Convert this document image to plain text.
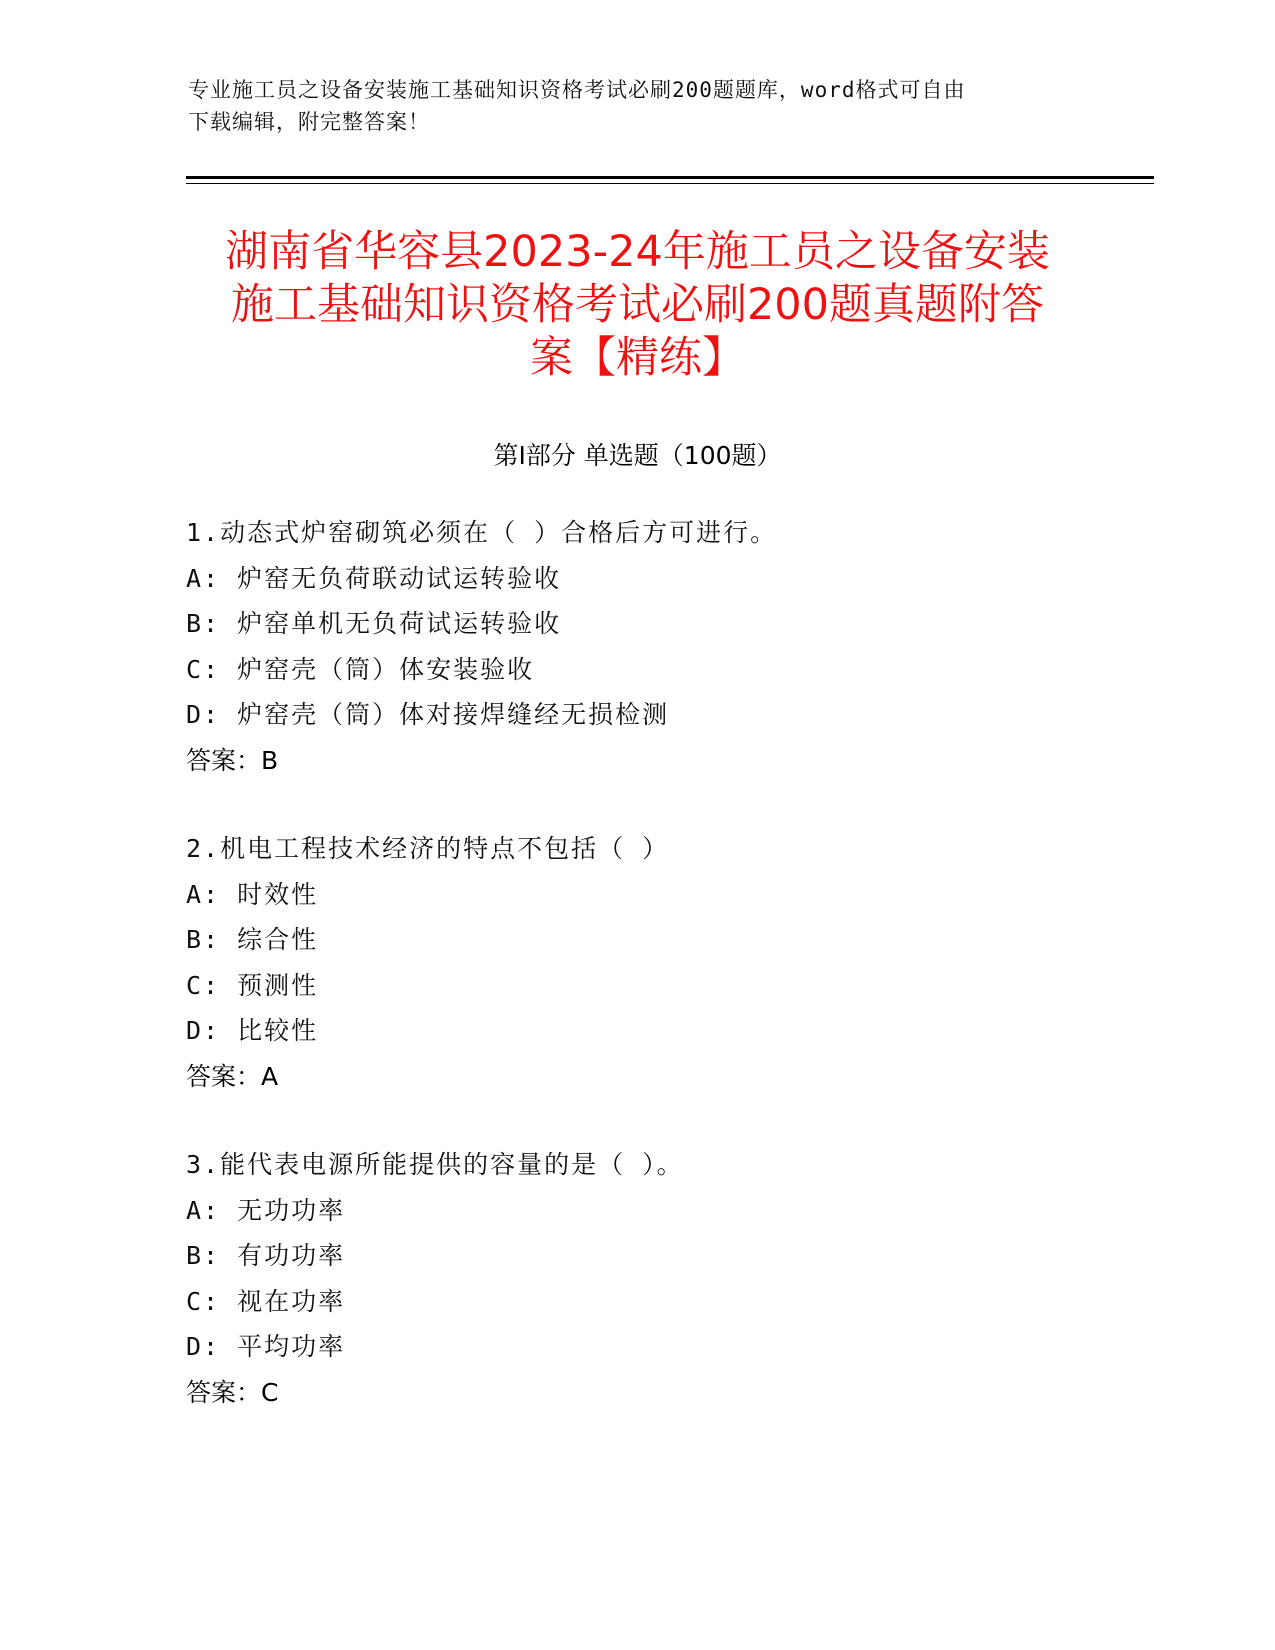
专业施工员之设备安装施工基础知识资格考试必刷200题题库，word格式可自由
下载编辑，附完整答案！
湖南省华容县2023-24年施工员之设备安装
施工基础知识资格考试必刷200题真题附答
案【精练】
第Ⅰ部分 单选题（100题）
1.动态式炉窑砌筑必须在（ ）合格后方可进行。
A: 炉窑无负荷联动试运转验收
B: 炉窑单机无负荷试运转验收
C: 炉窑壳（筒）体安装验收
D: 炉窑壳（筒）体对接焊缝经无损检测
答案：B
2.机电工程技术经济的特点不包括（ ）
A: 时效性
B: 综合性
C: 预测性
D: 比较性
答案：A
3.能代表电源所能提供的容量的是（ ）。
A: 无功功率
B: 有功功率
C: 视在功率
D: 平均功率
答案：C
